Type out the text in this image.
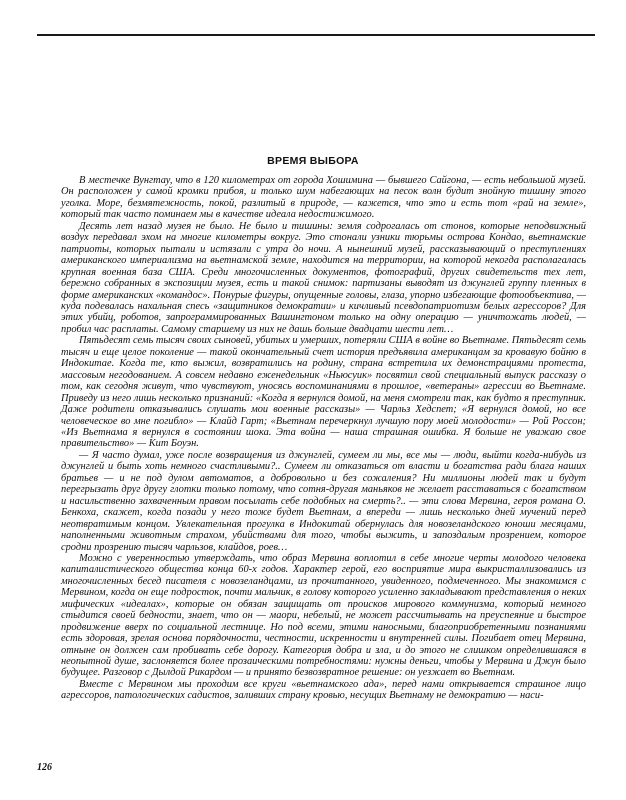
ВРЕМЯ ВЫБОРА

В местечке Вунгтау, что в 120 километрах от города Хошимина — бывшего Сайгона, — есть небольшой музей. Он расположен у самой кромки прибоя, и только шум набегающих на песок волн будит знойную тишину этого уголка. Море, безмятежность, покой, разлитый в природе, — кажется, что это и есть тот «рай на земле», который так часто поминаем мы в качестве идеала недостижимого.

Десять лет назад музея не было. Не было и тишины: земля содрогалась от стонов, которые неподвижный воздух передавал эхом на многие километры вокруг. Это стонали узники тюрьмы острова Кондао, вьетнамские патриоты, которых пытали и истязали с утра до ночи. А нынешний музей, рассказывающий о преступлениях американского империализма на вьетнамской земле, находится на территории, на которой некогда располагалась крупная военная база США. Среди многочисленных документов, фотографий, других свидетельств тех лет, бережно собранных в экспозиции музея, есть и такой снимок: партизаны выводят из джунглей группу пленных в форме американских «командос». Понурые фигуры, опущенные головы, глаза, упорно избегающие фотообъектива, — куда подевалась нахальная спесь «защитников демократии» и кичливый псевдопатриотизм белых агрессоров? Для этих убийц, роботов, запрограммированных Вашингтоном только на одну операцию — уничтожать людей, — пробил час расплаты. Самому старшему из них не дашь больше двадцати шести лет…

Пятьдесят семь тысяч своих сыновей, убитых и умерших, потеряли США в войне во Вьетнаме. Пятьдесят семь тысяч и еще целое поколение — такой окончательный счет история предъявила американцам за кровавую бойню в Индокитае. Когда те, кто выжил, возвратились на родину, страна встретила их демонстрациями протеста, массовым негодованием. А совсем недавно еженедельник «Ньюсуик» посвятил свой специальный выпуск рассказу о том, как сегодня живут, что чувствуют, уносясь воспоминаниями в прошлое, «ветераны» агрессии во Вьетнаме. Приведу из него лишь несколько признаний: «Когда я вернулся домой, на меня смотрели так, как будто я преступник. Даже родители отказывались слушать мои военные рассказы» — Чарльз Хедспет; «Я вернулся домой, но все человеческое во мне погибло» — Клайд Гарт; «Вьетнам перечеркнул лучшую пору моей молодости» — Рой Россон; «Из Вьетнама я вернулся в состоянии шока. Эта война — наша страшная ошибка. Я больше не уважаю свое правительство» — Кит Боуэн.

— Я часто думал, уже после возвращения из джунглей, сумеем ли мы, все мы — люди, выйти когда-нибудь из джунглей и быть хоть немного счастливыми?.. Сумеем ли отказаться от власти и богатства ради блага наших братьев — и не под дулом автоматов, а добровольно и без сожаления? Ни миллионы людей так и будут перегрызать друг другу глотки только потому, что сотня-другая маньяков не желает расставаться с богатством и насильственно захваченным правом посылать себе подобных на смерть?.. — эти слова Мервина, героя романа О. Бенкоха, скажет, когда позади у него тоже будет Вьетнам, а впереди — лишь несколько дней мучений перед неотвратимым концом. Увлекательная прогулка в Индокитай обернулась для новозеландского юноши месяцами, наполненными животным страхом, убийствами для того, чтобы выжить, и запоздалым прозрением, которое сродни прозрению тысяч чарльзов, клайдов, роев…

Можно с уверенностью утверждать, что образ Мервина воплотил в себе многие черты молодого человека капиталистического общества конца 60-х годов. Характер герой, его восприятие мира выкристаллизовались из многочисленных бесед писателя с новозеландцами, из прочитанного, увиденного, подмеченного. Мы знакомимся с Мервином, когда он еще подросток, почти мальчик, в голову которого усиленно закладывают представления о неких мифических «идеалах», которые он обязан защищать от происков мирового коммунизма, который немного стыдится своей бедности, знает, что он — маори, небелый, не может рассчитывать на преуспеяние и быстрое продвижение вверх по социальной лестнице. Но под всеми, этими наносными, благоприобретенными познаниями есть здоровая, зрелая основа порядочности, честности, искренности и внутренней силы. Погибает отец Мервина, отныне он должен сам пробивать себе дорогу. Категория добра и зла, и до этого не слишком определившаяся в неопытной душе, заслоняется более прозаическими потребностями: нужны деньги, чтобы у Мервина и Джун было будущее. Разговор с Дылдой Рикардом — и принято безвозвратное решение: он уезжает во Вьетнам.

Вместе с Мервином мы проходим все круги «вьетнамского ада», перед нами открывается страшное лицо агрессоров, патологических садистов, заливших страну кровью, несущих Вьетнаму не демократию — наси-

126
